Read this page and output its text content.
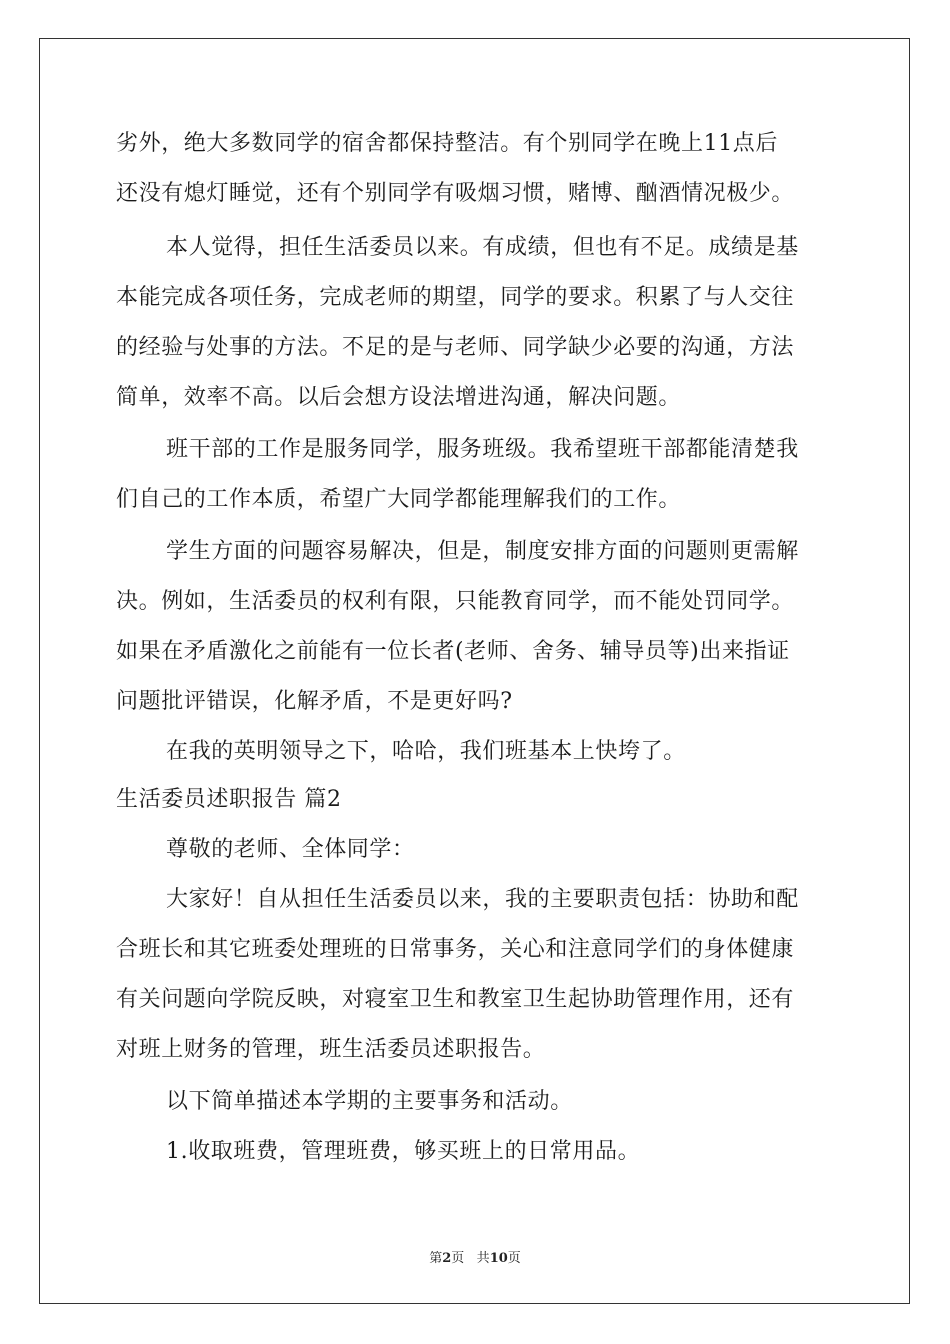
劣外，绝大多数同学的宿舍都保持整洁。有个别同学在晚上11点后
还没有熄灯睡觉，还有个别同学有吸烟习惯，赌博、酗酒情况极少。
本人觉得，担任生活委员以来。有成绩，但也有不足。成绩是基
本能完成各项任务，完成老师的期望，同学的要求。积累了与人交往
的经验与处事的方法。不足的是与老师、同学缺少必要的沟通，方法
简单，效率不高。以后会想方设法增进沟通，解决问题。
班干部的工作是服务同学，服务班级。我希望班干部都能清楚我
们自己的工作本质，希望广大同学都能理解我们的工作。
学生方面的问题容易解决，但是，制度安排方面的问题则更需解
决。例如，生活委员的权利有限，只能教育同学，而不能处罚同学。
如果在矛盾激化之前能有一位长者(老师、舍务、辅导员等)出来指证
问题批评错误，化解矛盾，不是更好吗?
在我的英明领导之下，哈哈，我们班基本上快垮了。
生活委员述职报告 篇2
尊敬的老师、全体同学：
大家好！自从担任生活委员以来，我的主要职责包括：协助和配
合班长和其它班委处理班的日常事务，关心和注意同学们的身体健康
有关问题向学院反映，对寝室卫生和教室卫生起协助管理作用，还有
对班上财务的管理，班生活委员述职报告。
以下简单描述本学期的主要事务和活动。
1.收取班费，管理班费，够买班上的日常用品。
第2页 共10页
